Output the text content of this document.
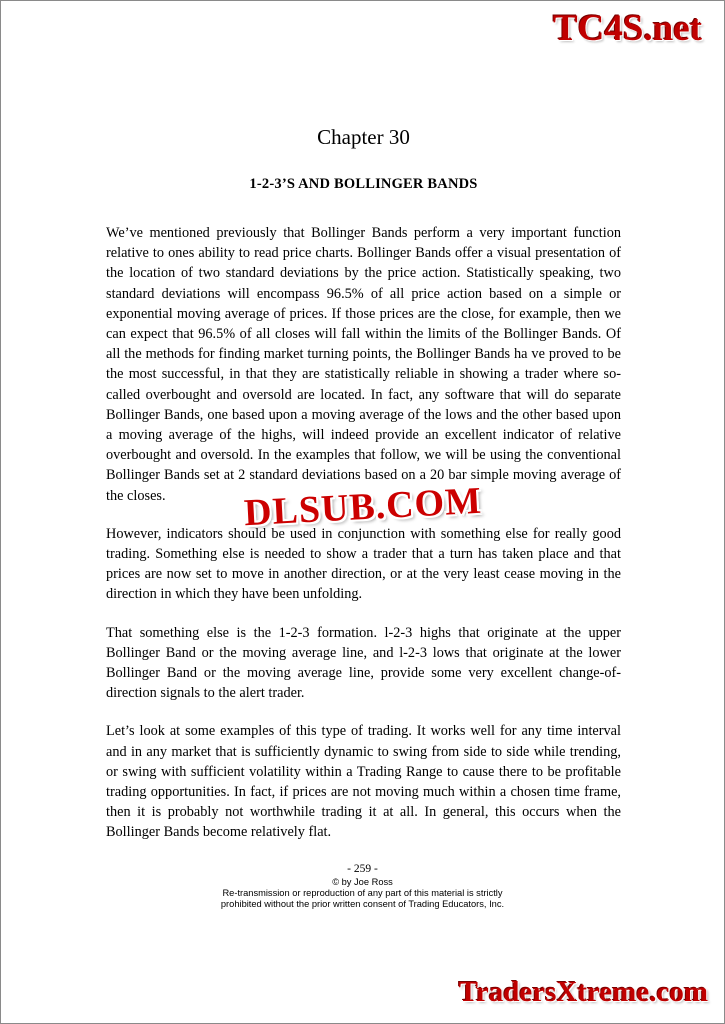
TC4S.net
Chapter 30
1-2-3’S AND BOLLINGER BANDS

We’ve mentioned previously that Bollinger Bands perform a very important function relative to ones ability to read price charts. Bollinger Bands offer a visual presentation of the location of two standard deviations by the price action. Statistically speaking, two standard deviations will encompass 96.5% of all price action based on a simple or exponential moving average of prices. If those prices are the close, for example, then we can expect that 96.5% of all closes will fall within the limits of the Bollinger Bands. Of all the methods for finding market turning points, the Bollinger Bands ha ve proved to be the most successful, in that they are statistically reliable in showing a trader where so-called overbought and oversold are located. In fact, any software that will do separate Bollinger Bands, one based upon a moving average of the lows and the other based upon a moving average of the highs, will indeed provide an excellent indicator of relative overbought and oversold. In the examples that follow, we will be using the conventional Bollinger Bands set at 2 standard deviations based on a 20 bar simple moving average of the closes.

However, indicators should be used in conjunction with something else for really good trading. Something else is needed to show a trader that a turn has taken place and that prices are now set to move in another direction, or at the very least cease moving in the direction in which they have been unfolding.

That something else is the 1-2-3 formation. l-2-3 highs that originate at the upper Bollinger Band or the moving average line, and l-2-3 lows that originate at the lower Bollinger Band or the moving average line, provide some very excellent change-of-direction signals to the alert trader.

Let’s look at some examples of this type of trading. It works well for any time interval and in any market that is sufficiently dynamic to swing from side to side while trending, or swing with sufficient volatility within a Trading Range to cause there to be profitable trading opportunities. In fact, if prices are not moving much within a chosen time frame, then it is probably not worthwhile trading it at all. In general, this occurs when the Bollinger Bands become relatively flat.

DLSUB.COM
- 259 -
© by Joe Ross
Re-transmission or reproduction of any part of this material is strictly
prohibited without the prior written consent of Trading Educators, Inc.
TradersXtreme.com
